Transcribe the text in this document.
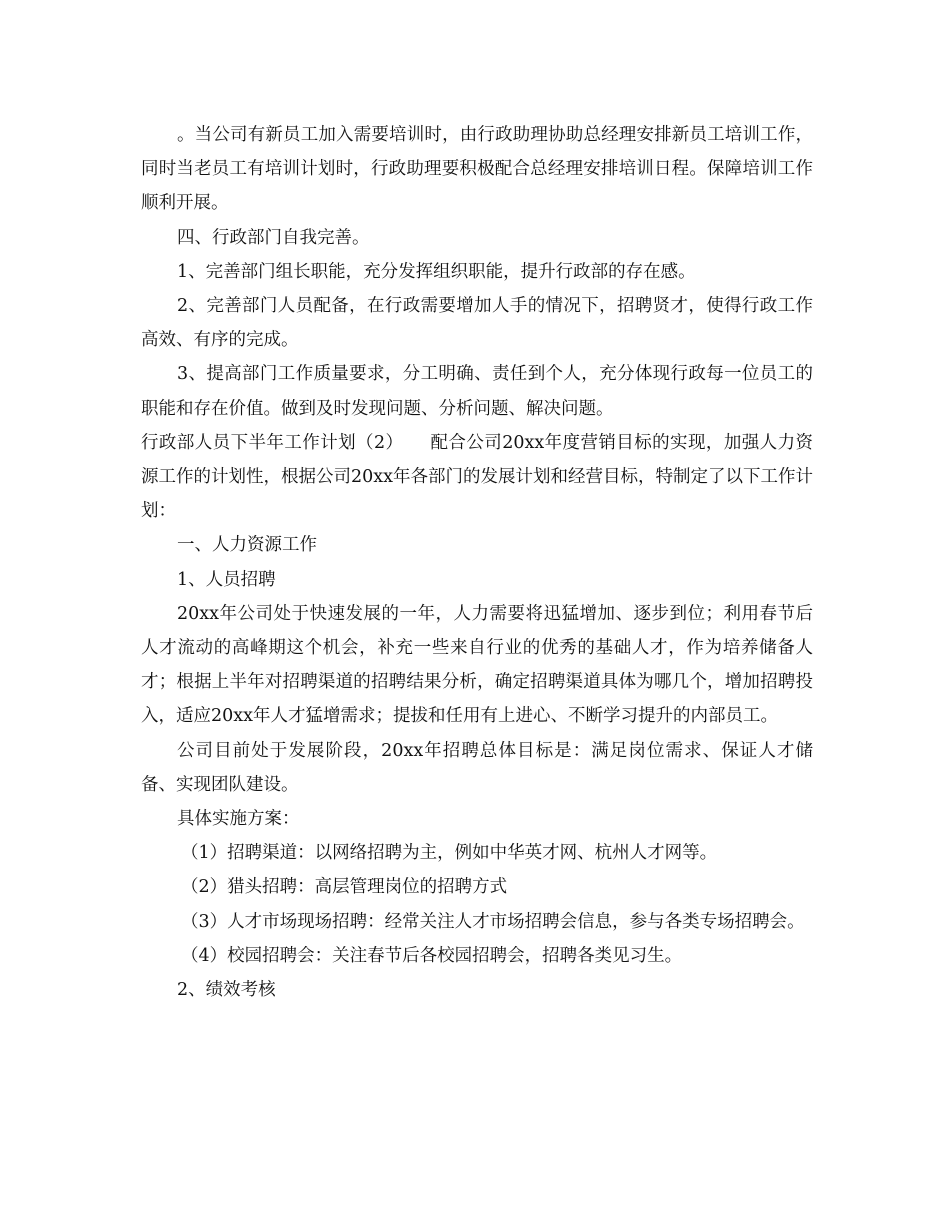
。当公司有新员工加入需要培训时，由行政助理协助总经理安排新员工培训工作，同时当老员工有培训计划时，行政助理要积极配合总经理安排培训日程。保障培训工作顺利开展。

四、行政部门自我完善。

1、完善部门组长职能，充分发挥组织职能，提升行政部的存在感。

2、完善部门人员配备，在行政需要增加人手的情况下，招聘贤才，使得行政工作高效、有序的完成。

3、提高部门工作质量要求，分工明确、责任到个人，充分体现行政每一位员工的职能和存在价值。做到及时发现问题、分析问题、解决问题。

行政部人员下半年工作计划（2）　　配合公司20xx年度营销目标的实现，加强人力资源工作的计划性，根据公司20xx年各部门的发展计划和经营目标，特制定了以下工作计划：

一、人力资源工作

1、人员招聘

20xx年公司处于快速发展的一年，人力需要将迅猛增加、逐步到位；利用春节后人才流动的高峰期这个机会，补充一些来自行业的优秀的基础人才，作为培养储备人才；根据上半年对招聘渠道的招聘结果分析，确定招聘渠道具体为哪几个，增加招聘投入，适应20xx年人才猛增需求；提拔和任用有上进心、不断学习提升的内部员工。

公司目前处于发展阶段，20xx年招聘总体目标是：满足岗位需求、保证人才储备、实现团队建设。

具体实施方案：

（1）招聘渠道：以网络招聘为主，例如中华英才网、杭州人才网等。

（2）猎头招聘：高层管理岗位的招聘方式

（3）人才市场现场招聘：经常关注人才市场招聘会信息，参与各类专场招聘会。

（4）校园招聘会：关注春节后各校园招聘会，招聘各类见习生。

2、绩效考核
